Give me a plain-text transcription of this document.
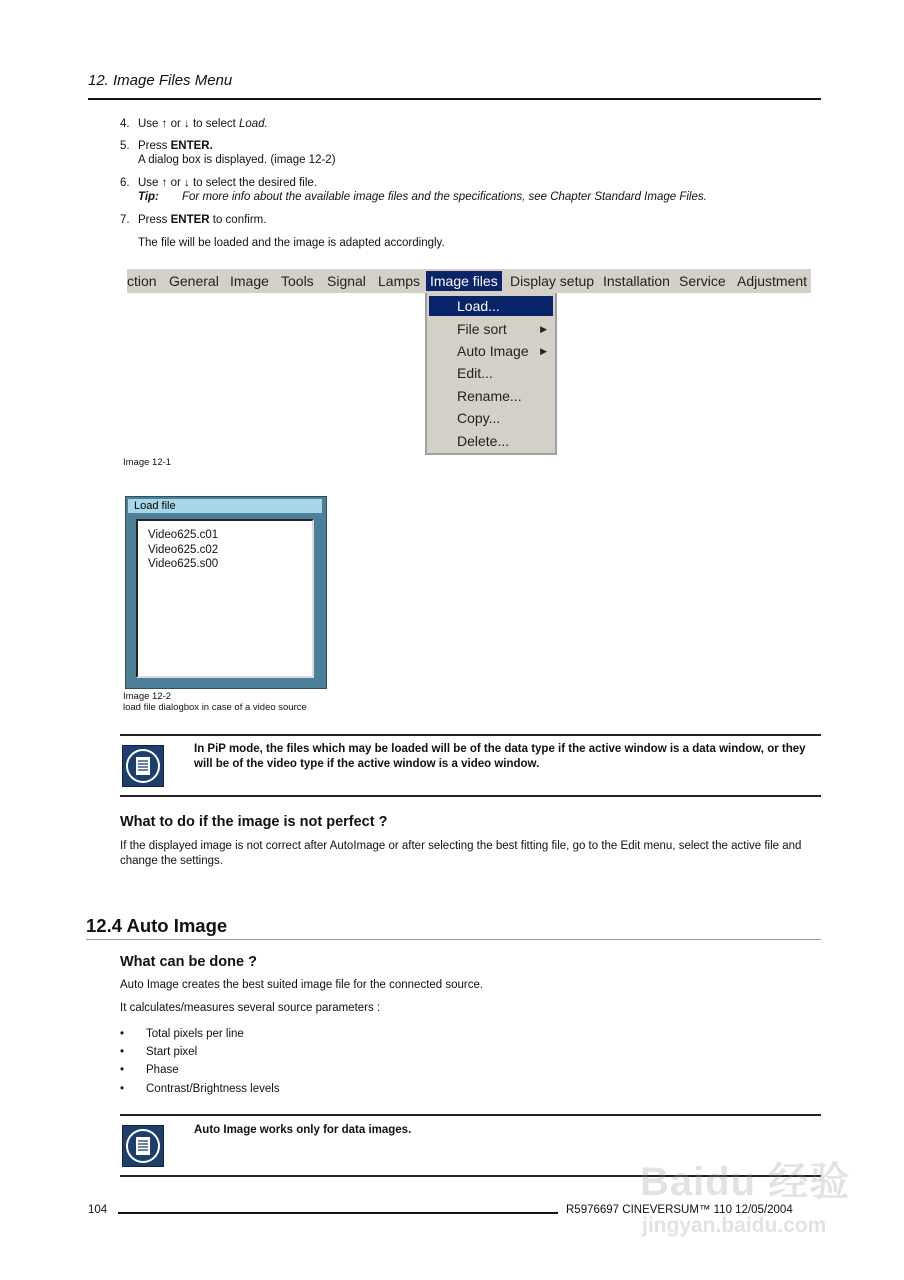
12. Image Files Menu
4. Use ↑ or ↓ to select Load.
5. Press ENTER.
A dialog box is displayed. (image 12-2)
6. Use ↑ or ↓ to select the desired file.
Tip: For more info about the available image files and the specifications, see Chapter Standard Image Files.
7. Press ENTER to confirm.
The file will be loaded and the image is adapted accordingly.
ction General Image Tools Signal Lamps Image files Display setup Installation Service Adjustment
Load...
File sort	▶
Auto Image ▶
Edit...
Rename...
Copy...
Delete...
Image 12-1
Load file
Video625.c01
Video625.c02
Video625.s00
Image 12-2
load file dialogbox in case of a video source
In PiP mode, the files which may be loaded will be of the data type if the active window is a data window, or they will be of the video type if the active window is a video window.
What to do if the image is not perfect ?
If the displayed image is not correct after AutoImage or after selecting the best fitting file, go to the Edit menu, select the active file and change the settings.
12.4 Auto Image
What can be done ?
Auto Image creates the best suited image file for the connected source.
It calculates/measures several source parameters :
• Total pixels per line
• Start pixel
• Phase
• Contrast/Brightness levels
Auto Image works only for data images.
104	R5976697 CINEVERSUM™ 110 12/05/2004
Baidu 经验
jingyan.baidu.com
